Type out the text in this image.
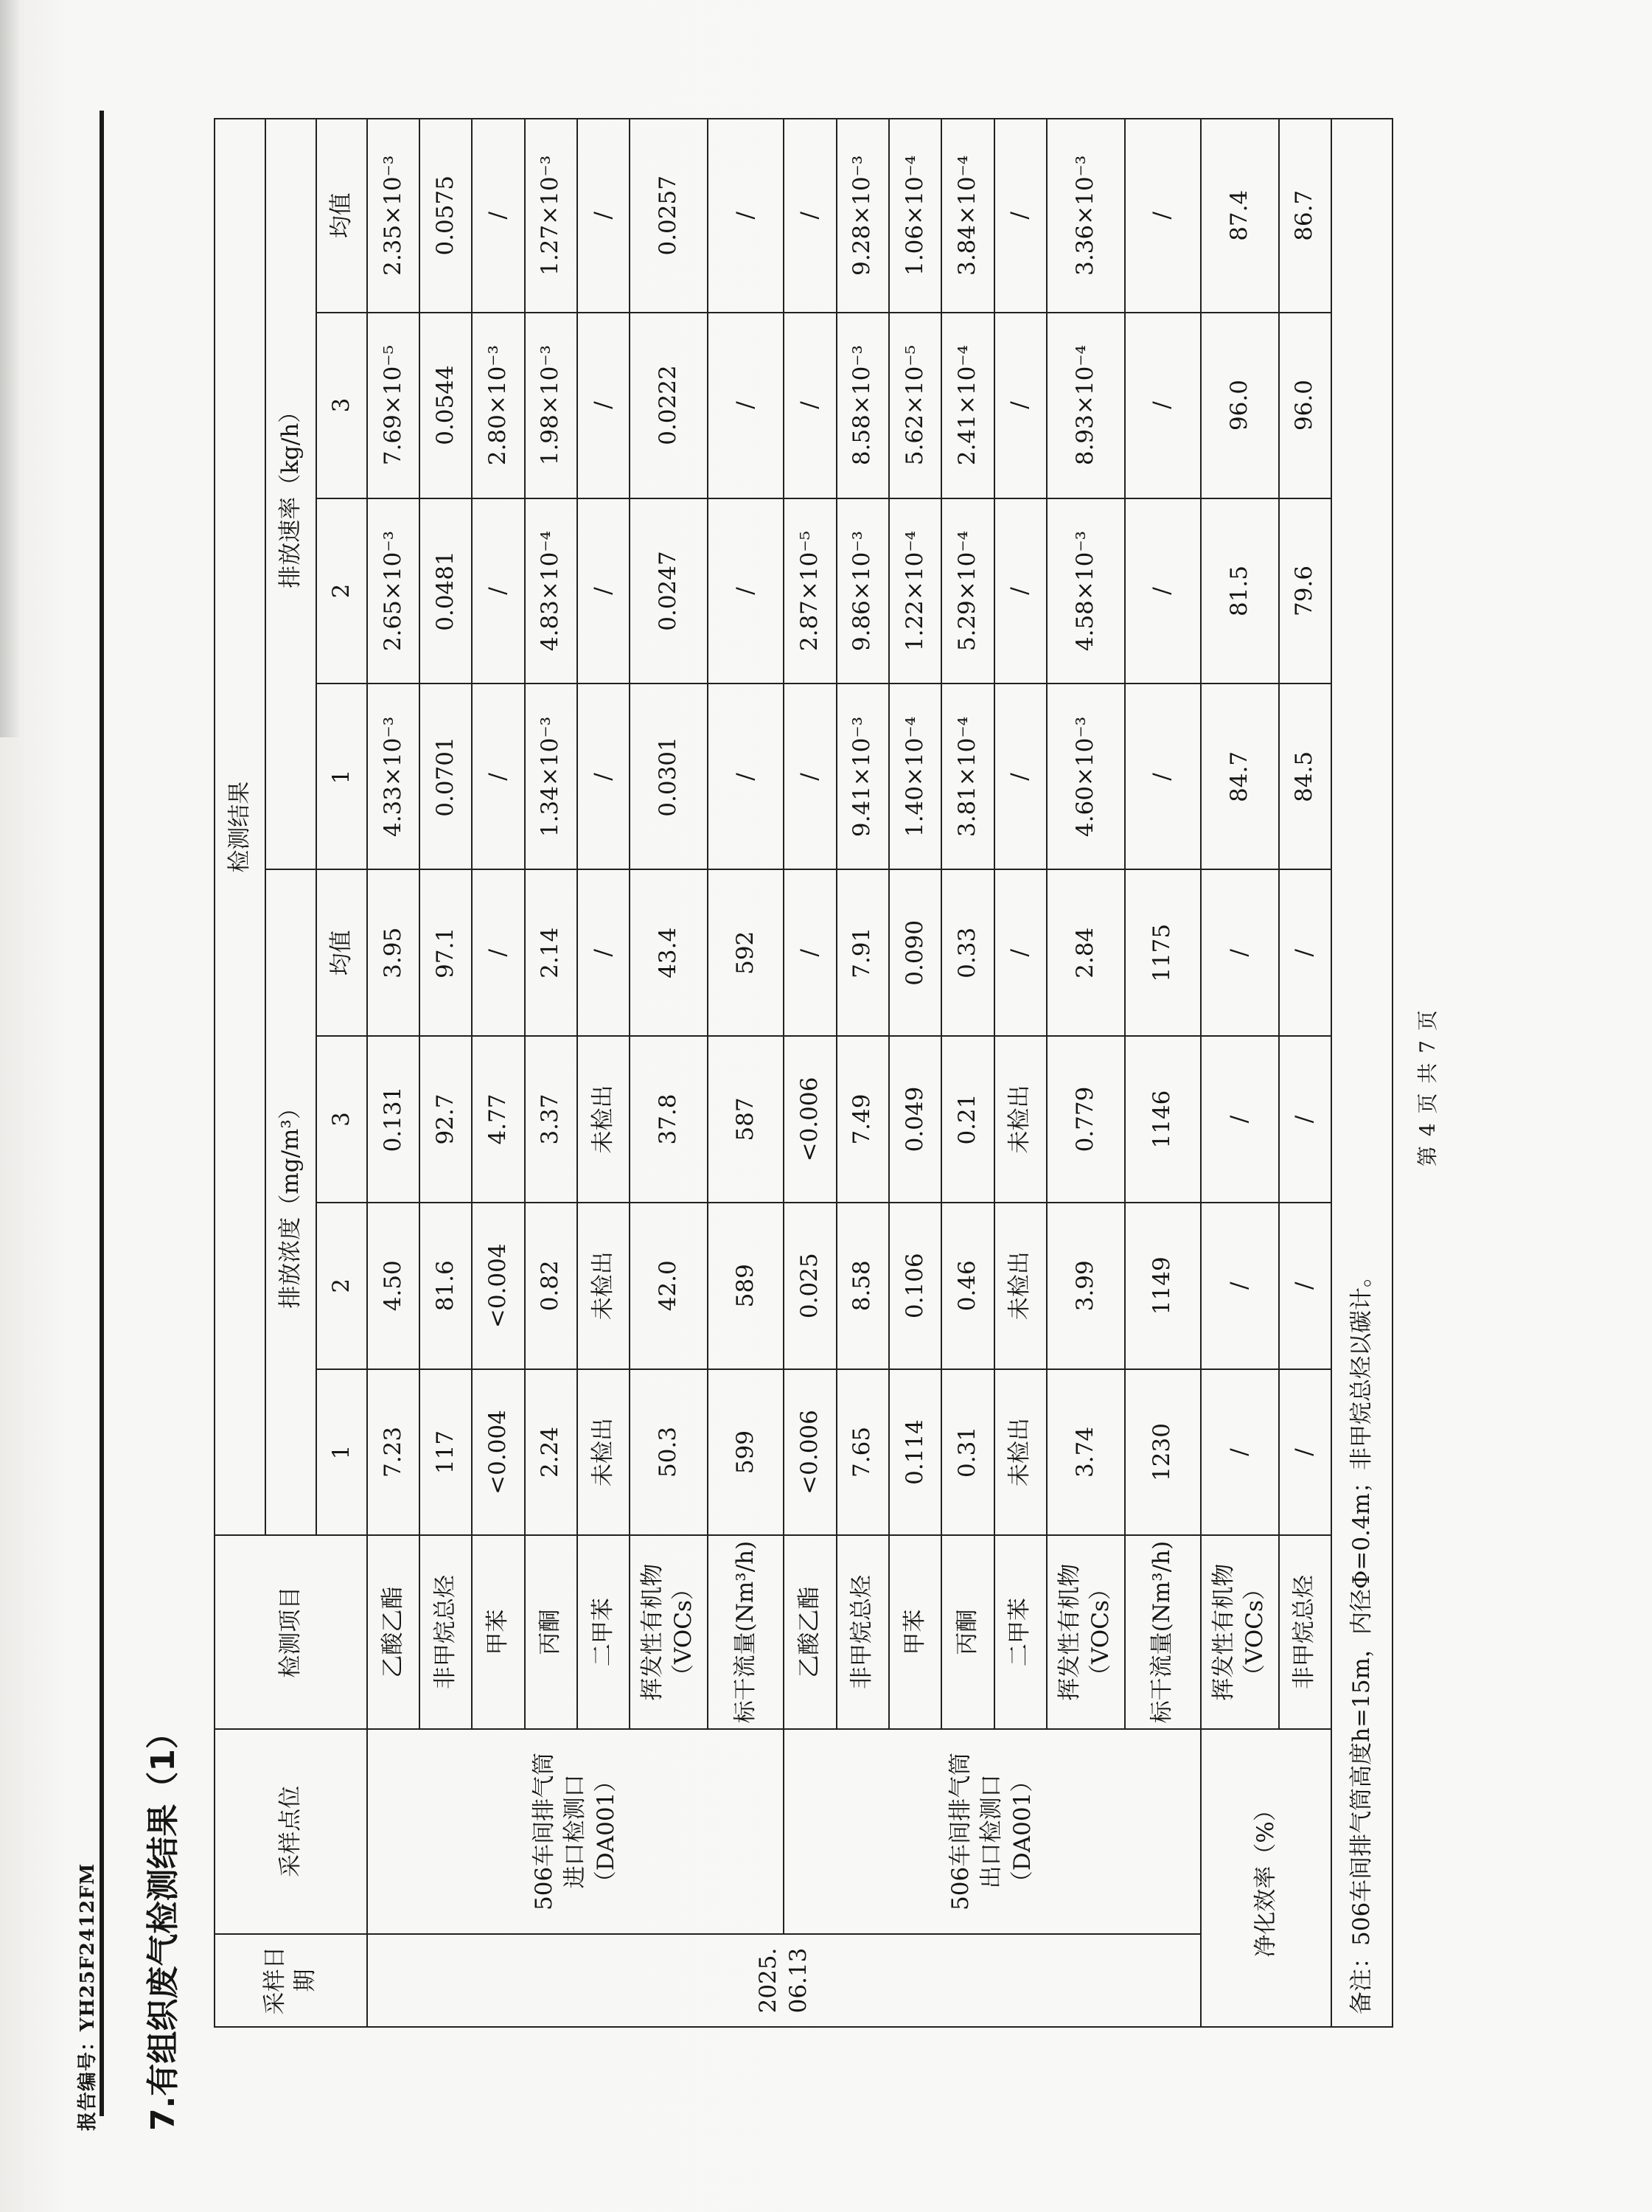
报告编号：YH25F2412FM 7.有组织废气检测结果（1）	采样日期	采样点位	检测项目	检测结果							
			排放浓度（mg/m³）				排放速率（kg/h）			
			1	2	3	均值	1	2	3	均值
2025.
06.13	506车间排气筒
进口检测口
（DA001）	乙酸乙酯	7.23	4.50	0.131	3.95	4.33×10⁻³	2.65×10⁻³	7.69×10⁻⁵	2.35×10⁻³
		非甲烷总烃	117	81.6	92.7	97.1	0.0701	0.0481	0.0544	0.0575
		甲苯	<0.004	<0.004	4.77	/	/	/	2.80×10⁻³	/
		丙酮	2.24	0.82	3.37	2.14	1.34×10⁻³	4.83×10⁻⁴	1.98×10⁻³	1.27×10⁻³
		二甲苯	未检出	未检出	未检出	/	/	/	/	/
		挥发性有机物
（VOCs）	50.3	42.0	37.8	43.4	0.0301	0.0247	0.0222	0.0257
		标干流量(Nm³/h)	599	589	587	592	/	/	/	/
	506车间排气筒
出口检测口
（DA001）	乙酸乙酯	<0.006	0.025	<0.006	/	/	2.87×10⁻⁵	/	/
		非甲烷总烃	7.65	8.58	7.49	7.91	9.41×10⁻³	9.86×10⁻³	8.58×10⁻³	9.28×10⁻³
		甲苯	0.114	0.106	0.049	0.090	1.40×10⁻⁴	1.22×10⁻⁴	5.62×10⁻⁵	1.06×10⁻⁴
		丙酮	0.31	0.46	0.21	0.33	3.81×10⁻⁴	5.29×10⁻⁴	2.41×10⁻⁴	3.84×10⁻⁴
		二甲苯	未检出	未检出	未检出	/	/	/	/	/
		挥发性有机物
（VOCs）	3.74	3.99	0.779	2.84	4.60×10⁻³	4.58×10⁻³	8.93×10⁻⁴	3.36×10⁻³
		标干流量(Nm³/h)	1230	1149	1146	1175	/	/	/	/
净化效率（%）		挥发性有机物
（VOCs）	/	/	/	/	84.7	81.5	96.0	87.4
		非甲烷总烃	/	/	/	/	84.5	79.6	96.0	86.7
备注：506车间排气筒高度h=15m，内径Φ=0.4m；非甲烷总烃以碳计。										
第 4 页 共 7 页
